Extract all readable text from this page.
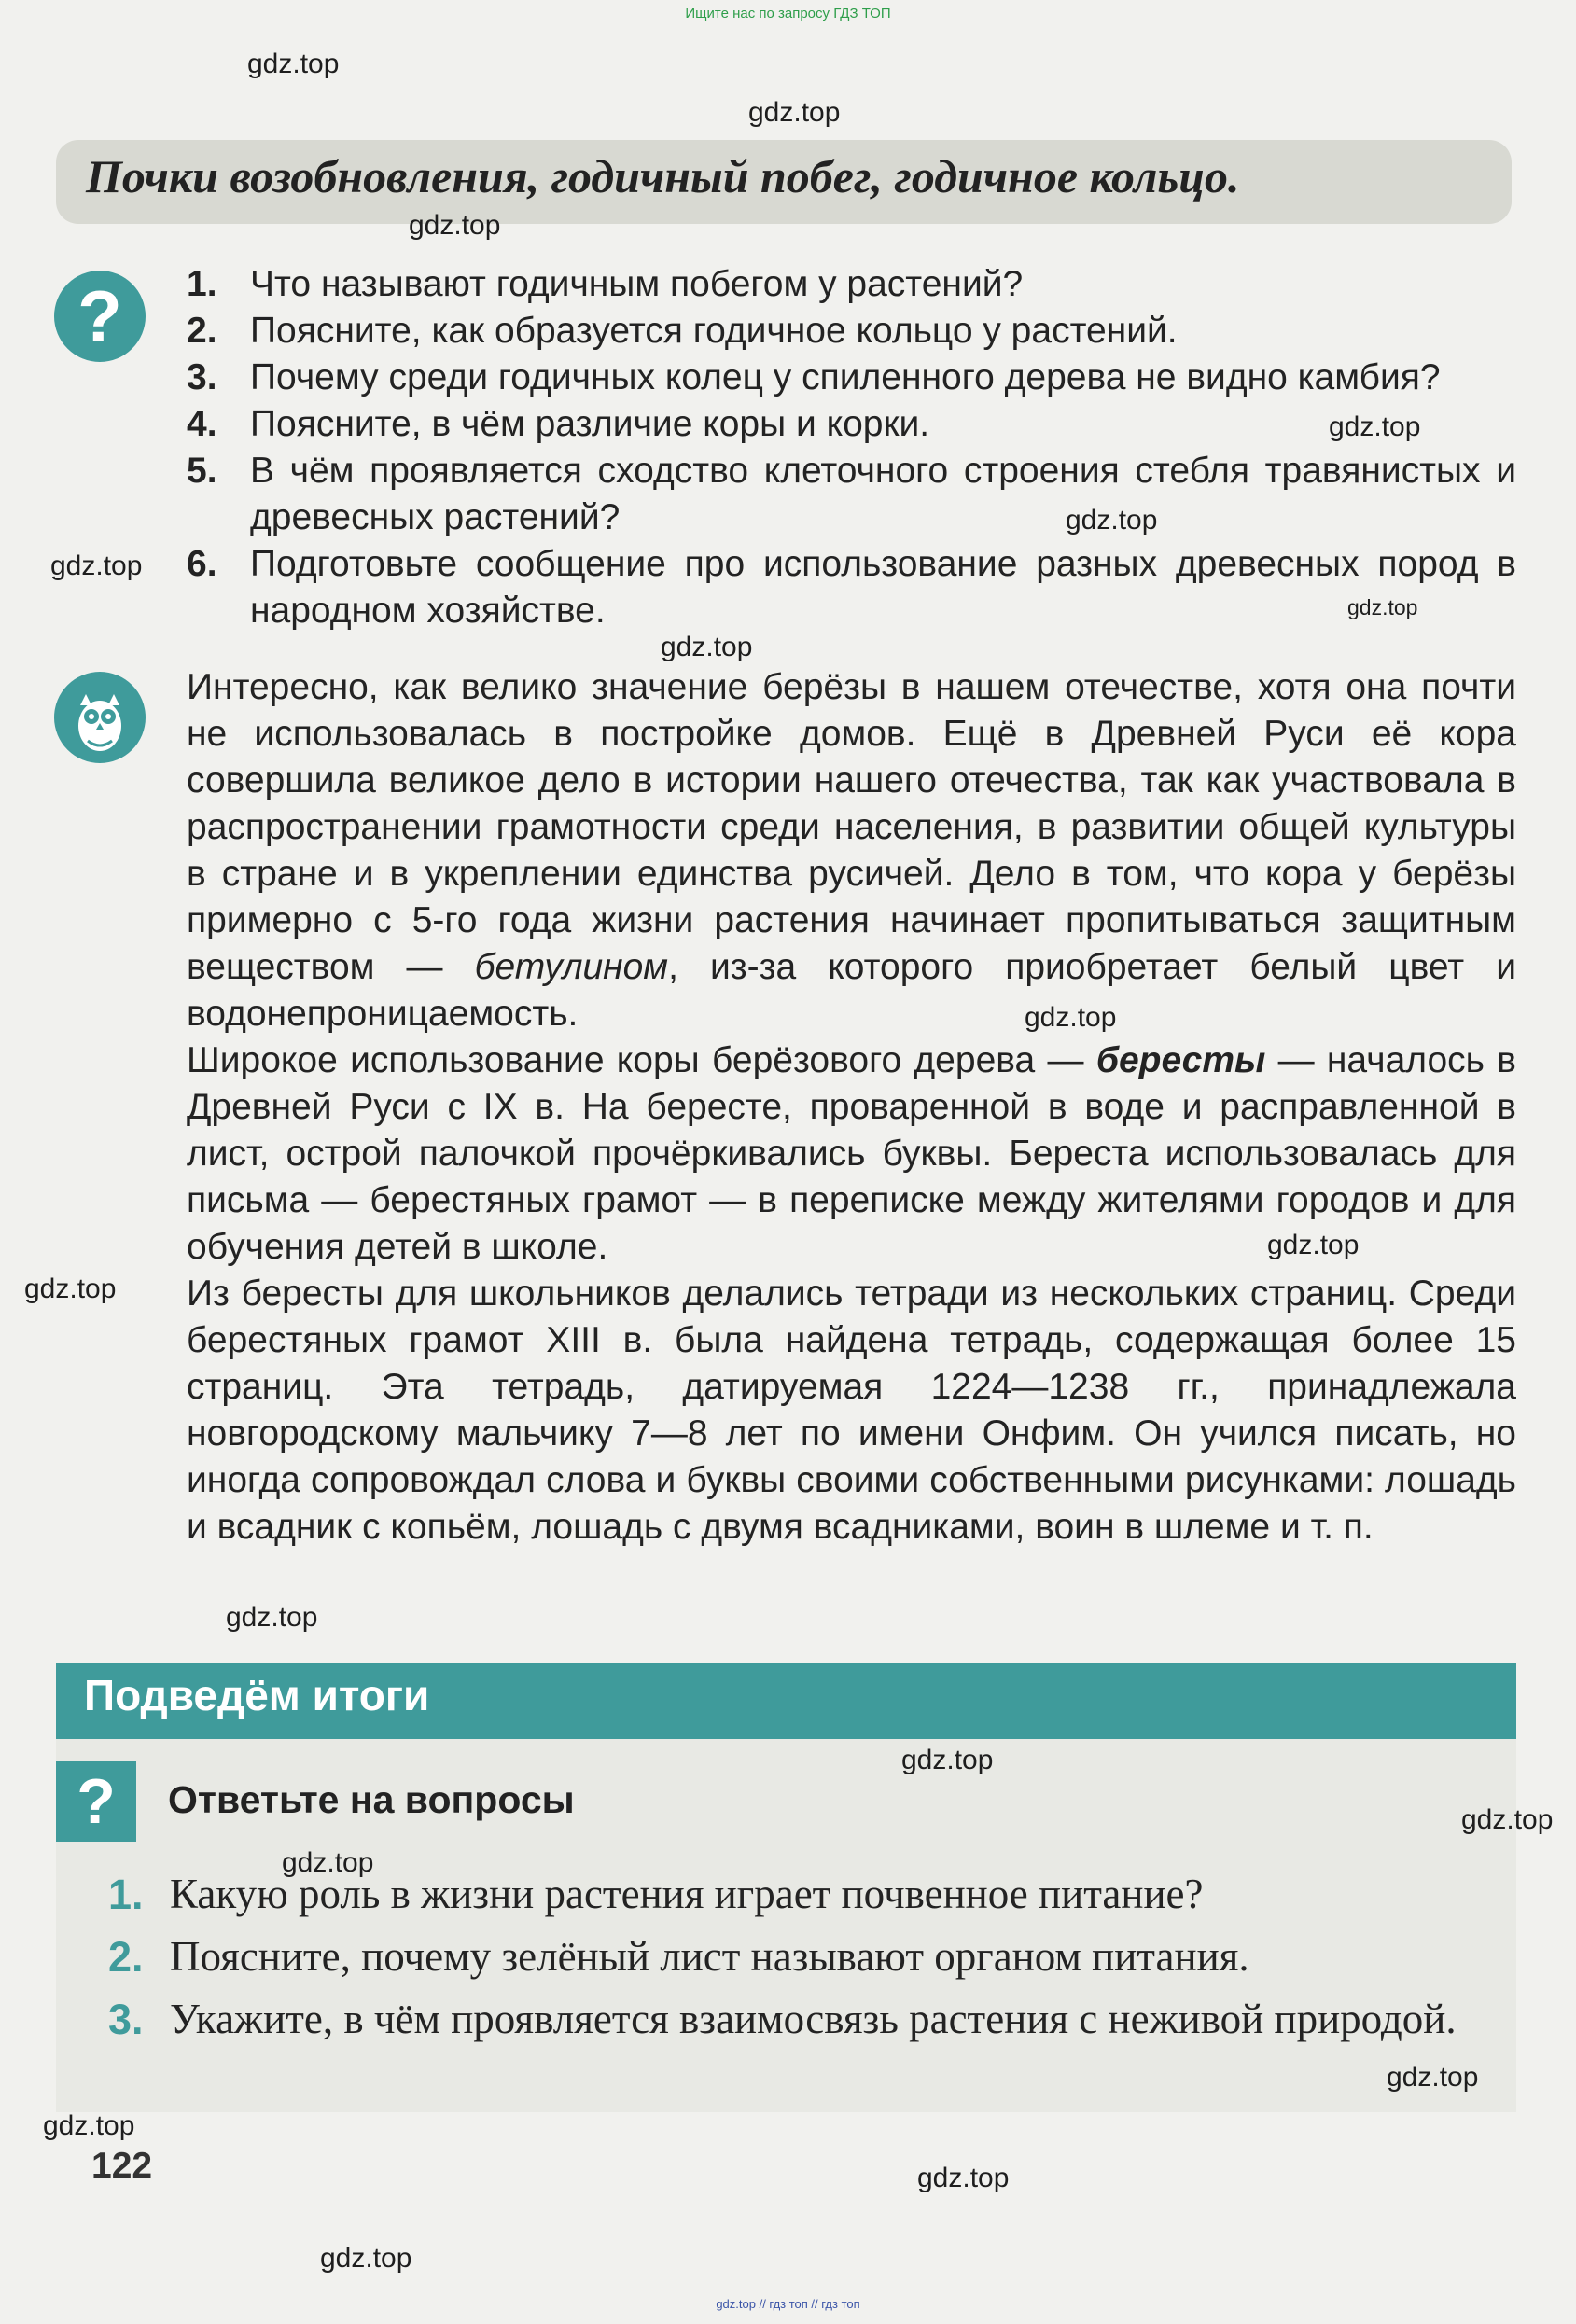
Ищите нас по запросу ГДЗ ТОП
Почки возобновления, годичный побег, годичное кольцо.
?	1. Что называют годичным побегом у растений?
2. Поясните, как образуется годичное кольцо у растений.
3. Почему среди годичных колец у спиленного дерева не видно камбия?
4. Поясните, в чём различие коры и корки.
5. В чём проявляется сходство клеточного строения стебля травянистых и древесных растений?
6. Подготовьте сообщение про использование разных древесных пород в народном хозяйстве.

Интересно, как велико значение берёзы в нашем отечестве, хотя она почти не использовалась в постройке домов. Ещё в Древней Руси её кора совершила великое дело в истории нашего отечества, так как участвовала в распространении грамотности среди населения, в развитии общей культуры в стране и в укреплении единства русичей. Дело в том, что кора у берёзы примерно с 5-го года жизни растения начинает пропитываться защитным веществом — бетулином, из-за которого приобретает белый цвет и водонепроницаемость.

Широкое использование коры берёзового дерева — бересты — началось в Древней Руси с IX в. На бересте, проваренной в воде и расправленной в лист, острой палочкой прочёркивались буквы. Береста использовалась для письма — берестяных грамот — в переписке между жителями городов и для обучения детей в школе.

Из бересты для школьников делались тетради из нескольких страниц. Среди берестяных грамот XIII в. была найдена тетрадь, содержащая более 15 страниц. Эта тетрадь, датируемая 1224—1238 гг., принадлежала новгородскому мальчику 7—8 лет по имени Онфим. Он учился писать, но иногда сопровождал слова и буквы своими собственными рисунками: лошадь и всадник с копьём, лошадь с двумя всадниками, воин в шлеме и т. п.

Подведём итоги
?	Ответьте на вопросы
1. Какую роль в жизни растения играет почвенное питание?
2. Поясните, почему зелёный лист называют органом питания.
3. Укажите, в чём проявляется взаимосвязь растения с неживой природой.
122
gdz.top
gdz.top
gdz.top
gdz.top
gdz.top
gdz.top
gdz.top
gdz.top
gdz.top
gdz.top
gdz.top
gdz.top
gdz.top
gdz.top
gdz.top
gdz.top
gdz.top
gdz.top
gdz.top
gdz.top // гдз топ // гдз топ
